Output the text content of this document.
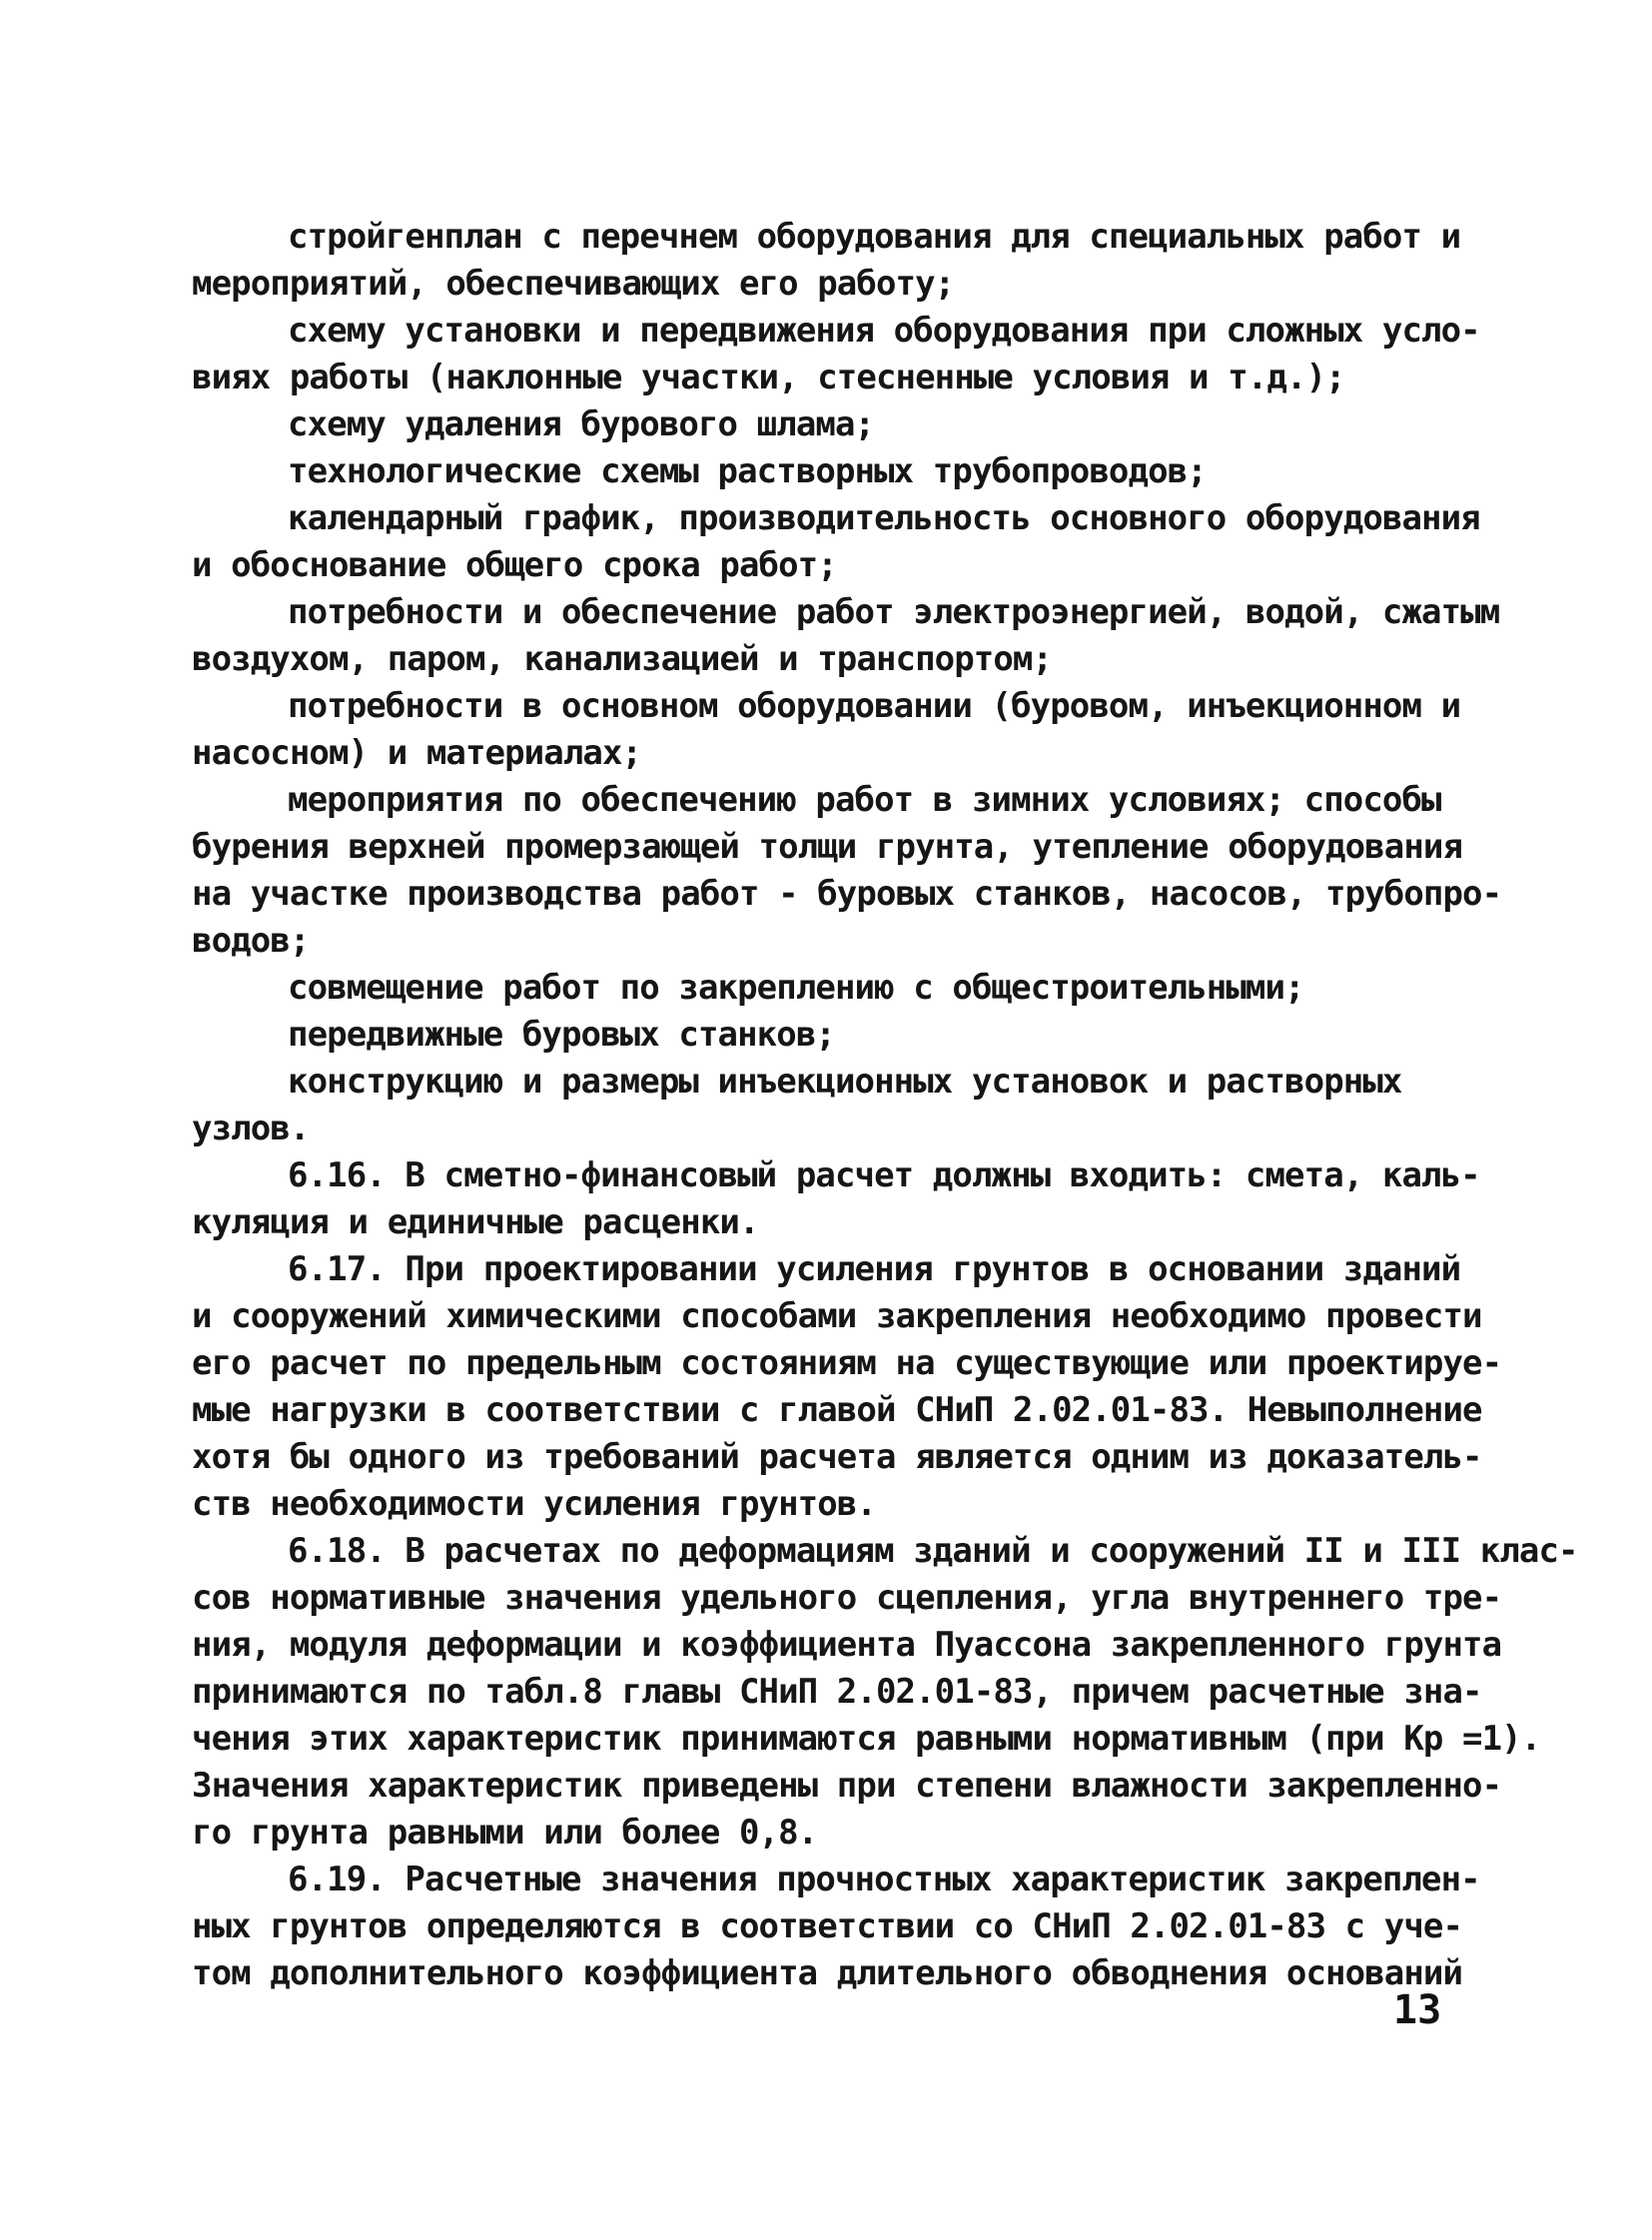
стройгенплан с перечнем оборудования для специальных работ и
мероприятий, обеспечивающих его работу;
схему установки и передвижения оборудования при сложных усло-
виях работы (наклонные участки, стесненные условия и т.д.);
схему удаления бурового шлама;
технологические схемы растворных трубопроводов;
календарный график, производительность основного оборудования
и обоснование общего срока работ;
потребности и обеспечение работ электроэнергией, водой, сжатым
воздухом, паром, канализацией и транспортом;
потребности в основном оборудовании (буровом, инъекционном и
насосном) и материалах;
мероприятия по обеспечению работ в зимних условиях; способы
бурения верхней промерзающей толщи грунта, утепление оборудования
на участке производства работ - буровых станков, насосов, трубопро-
водов;
совмещение работ по закреплению с общестроительными;
передвижные буровых станков;
конструкцию и размеры инъекционных установок и растворных
узлов.
6.16. В сметно-финансовый расчет должны входить: смета, каль-
куляция и единичные расценки.
6.17. При проектировании усиления грунтов в основании зданий
и сооружений химическими способами закрепления необходимо провести
его расчет по предельным состояниям на существующие или проектируе-
мые нагрузки в соответствии с главой СНиП 2.02.01-83. Невыполнение
хотя бы одного из требований расчета является одним из доказатель-
ств необходимости усиления грунтов.
6.18. В расчетах по деформациям зданий и сооружений II и III клас-
сов нормативные значения удельного сцепления, угла внутреннего тре-
ния, модуля деформации и коэффициента Пуассона закрепленного грунта
принимаются по табл.8 главы СНиП 2.02.01-83, причем расчетные зна-
чения этих характеристик принимаются равными нормативным (при Kр =1).
Значения характеристик приведены при степени влажности закрепленно-
го грунта равными или более 0,8.
6.19. Расчетные значения прочностных характеристик закреплен-
ных грунтов определяются в соответствии со СНиП 2.02.01-83 с уче-
том дополнительного коэффициента длительного обводнения оснований
13
